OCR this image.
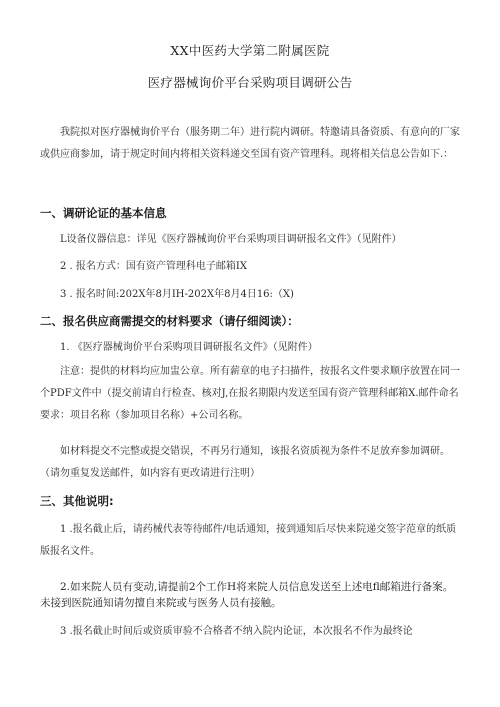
XX中医药大学第二附属医院
医疗器械询价平台采购项目调研公告
我院拟对医疗器械询价平台（服务期二年）进行院内调研。特邀请具备资质、有意向的厂家或供应商参加，请于规定时间内将相关资料递交至国有资产管理科。现将相关信息公告如下.：
一、调研论证的基本信息
L设备仪器信息：详见《医疗器械询价平台采购项目调研报名文件》（见附件）
2 . 报名方式：国有资产管理科电子邮箱IX
3 . 报名时间:202X年8月IH-202X年8月4日16:（X)
二、报名供应商需提交的材料要求（请仔细阅读）：
1. 《医疗器械询价平台采购项目调研报名文件》（见附件）
注意：提供的材料均应加盅公章。所有薪章的电子扫描件，按报名文件要求顺序放置在同一个PDF文件中（提交前请自行检查、核对J,在报名期限内发送至国有资产管理科邮箱X.邮件命名要求：项目名称（参加项目名称）+公司名称。
如材料提交不完整或提交错误，不再另行通知，该报名资质视为条件不足放弃参加调研。（请勿重复发送邮件，如内容有更改请进行注明）
三、其他说明:
1 .报名截止后，请药械代表等待邮件/电话通知，接到通知后尽快来院递交签字范章的纸质版报名文件。
2.如来院人员有变动,请提前2个工作H将来院人员信息发送至上述电fl邮箱进行备案。未接到医院通知请勿擅自来院或与医务人员有接触。
3 .报名截止时间后或资质审验不合格者不纳入院内论证，本次报名不作为最终论
